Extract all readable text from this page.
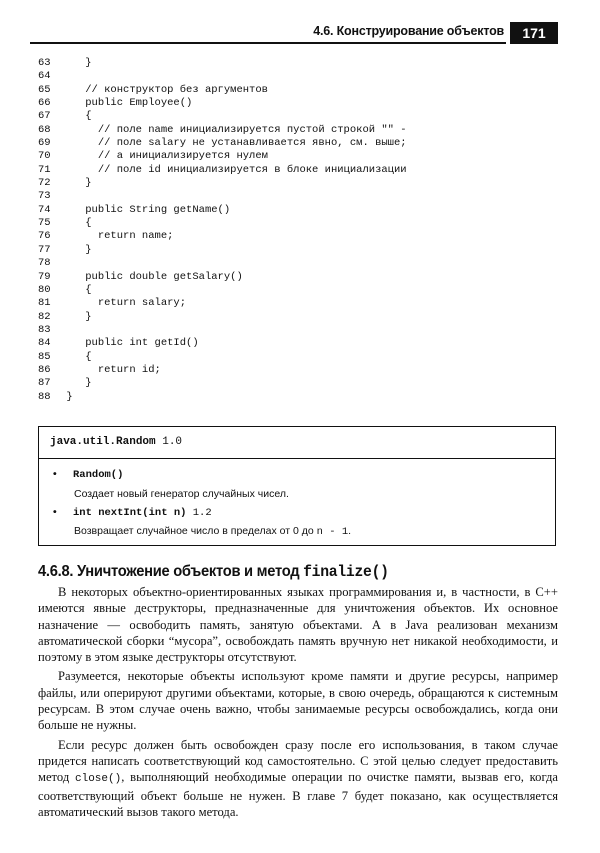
4.6. Конструирование объектов	171
63	}
64
65	// конструктор без аргументов
66	public Employee()
67	{
68	// поле name инициализируется пустой строкой "" -
69	// поле salary не устанавливается явно, см. выше;
70	// а инициализируется нулем
71	// поле id инициализируется в блоке инициализации
72	}
73
74	public String getName()
75	{
76	return name;
77	}
78
79	public double getSalary()
80	{
81	return salary;
82	}
83
84	public int getId()
85	{
86	return id;
87	}
88 }
java.util.Random 1.0
• Random()
Создает новый генератор случайных чисел.
• int nextInt(int n) 1.2
Возвращает случайное число в пределах от 0 до n - 1.
4.6.8. Уничтожение объектов и метод finalize()

В некоторых объектно-ориентированных языках программирования и, в частности, в C++ имеются явные деструкторы, предназначенные для уничтожения объектов. Их основное назначение — освободить память, занятую объектами. А в Java реализован механизм автоматической сборки “мусора”, освобождать память вручную нет никакой необходимости, и поэтому в этом языке деструкторы отсутствуют.

Разумеется, некоторые объекты используют кроме памяти и другие ресурсы, например файлы, или оперируют другими объектами, которые, в свою очередь, обращаются к системным ресурсам. В этом случае очень важно, чтобы занимаемые ресурсы освобождались, когда они больше не нужны.

Если ресурс должен быть освобожден сразу после его использования, в таком случае придется написать соответствующий код самостоятельно. С этой целью следует предоставить метод close(), выполняющий необходимые операции по очистке памяти, вызвав его, когда соответствующий объект больше не нужен. В главе 7 будет показано, как осуществляется автоматический вызов такого метода.
